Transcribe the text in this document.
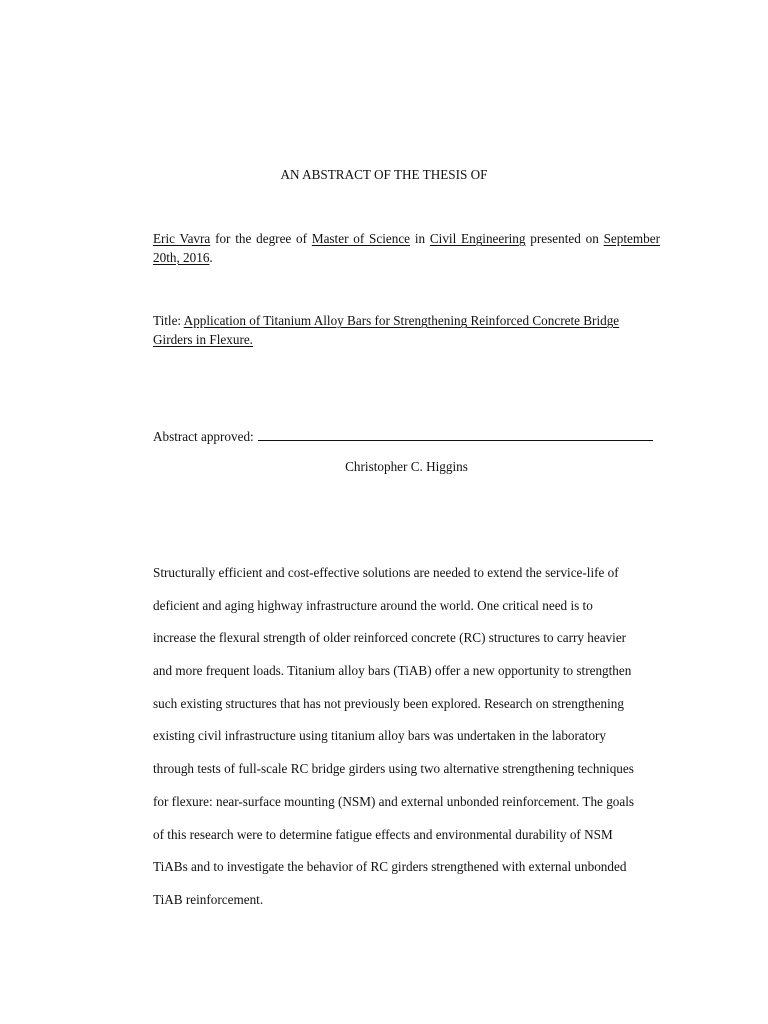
AN ABSTRACT OF THE THESIS OF
Eric Vavra for the degree of Master of Science in Civil Engineering presented on September 20th, 2016.
Title: Application of Titanium Alloy Bars for Strengthening Reinforced Concrete Bridge Girders in Flexure.
Abstract approved:
Christopher C. Higgins
Structurally efficient and cost-effective solutions are needed to extend the service-life of
deficient and aging highway infrastructure around the world. One critical need is to
increase the flexural strength of older reinforced concrete (RC) structures to carry heavier
and more frequent loads. Titanium alloy bars (TiAB) offer a new opportunity to strengthen
such existing structures that has not previously been explored. Research on strengthening
existing civil infrastructure using titanium alloy bars was undertaken in the laboratory
through tests of full-scale RC bridge girders using two alternative strengthening techniques
for flexure: near-surface mounting (NSM) and external unbonded reinforcement. The goals
of this research were to determine fatigue effects and environmental durability of NSM
TiABs and to investigate the behavior of RC girders strengthened with external unbonded
TiAB reinforcement.
